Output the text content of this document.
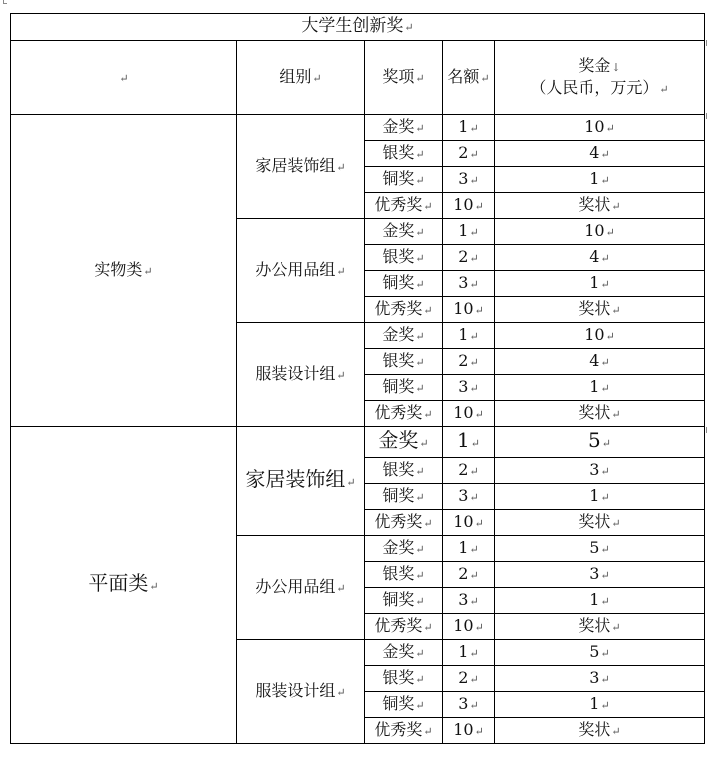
大学生创新奖↵				
↵	组别↵	奖项↵	名额↵	奖金↓
（人民币，万元）↵

实物类↵	家居装饰组↵	金奖↵	1↵	10↵
		银奖↵	2↵	4↵
		铜奖↵	3↵	1↵
		优秀奖↵	10↵	奖状↵
	办公用品组↵	金奖↵	1↵	10↵
		银奖↵	2↵	4↵
		铜奖↵	3↵	1↵
		优秀奖↵	10↵	奖状↵
	服装设计组↵	金奖↵	1↵	10↵
		银奖↵	2↵	4↵
		铜奖↵	3↵	1↵
		优秀奖↵	10↵	奖状↵
平面类↵	家居装饰组↵	金奖↵	1↵	5↵
		银奖↵	2↵	3↵
		铜奖↵	3↵	1↵
		优秀奖↵	10↵	奖状↵
	办公用品组↵	金奖↵	1↵	5↵
		银奖↵	2↵	3↵
		铜奖↵	3↵	1↵
		优秀奖↵	10↵	奖状↵
	服装设计组↵	金奖↵	1↵	5↵
		银奖↵	2↵	3↵
		铜奖↵	3↵	1↵
		优秀奖↵	10↵	奖状↵
